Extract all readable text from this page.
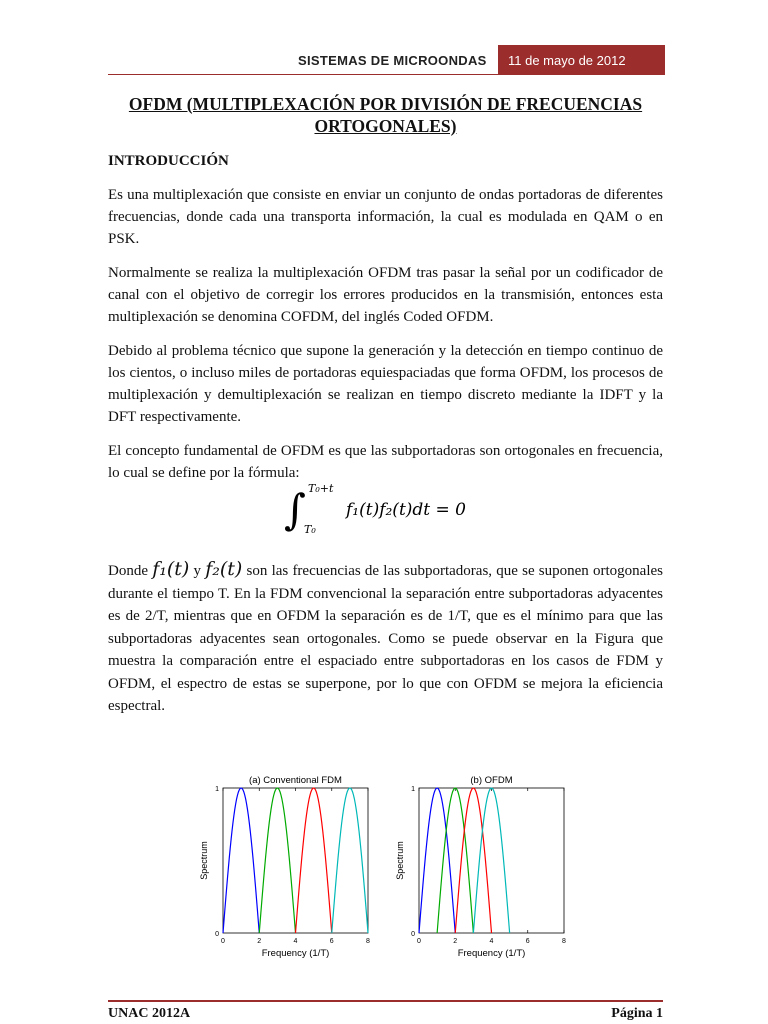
SISTEMAS DE MICROONDAS	11 de mayo de 2012
OFDM (MULTIPLEXACIÓN POR DIVISIÓN DE FRECUENCIAS ORTOGONALES)

INTRODUCCIÓN

Es una multiplexación que consiste en enviar un conjunto de ondas portadoras de diferentes frecuencias, donde cada una transporta información, la cual es modulada en QAM o en PSK.

Normalmente se realiza la multiplexación OFDM tras pasar la señal por un codificador de canal con el objetivo de corregir los errores producidos en la transmisión, entonces esta multiplexación se denomina COFDM, del inglés Coded OFDM.

Debido al problema técnico que supone la generación y la detección en tiempo continuo de los cientos, o incluso miles de portadoras equiespaciadas que forma OFDM, los procesos de multiplexación y demultiplexación se realizan en tiempo discreto mediante la IDFT y la DFT respectivamente.

El concepto fundamental de OFDM es que las subportadoras son ortogonales en frecuencia, lo cual se define por la fórmula:

∫ T₀+t
T₀
f₁(t)f₂(t)dt = 0
Donde f₁(t) y f₂(t) son las frecuencias de las subportadoras, que se suponen ortogonales durante el tiempo T. En la FDM convencional la separación entre subportadoras adyacentes es de 2/T, mientras que en OFDM la separación es de 1/T, que es el mínimo para que las subportadoras adyacentes sean ortogonales. Como se puede observar en la Figura que muestra la comparación entre el espaciado entre subportadoras en los casos de FDM y OFDM, el espectro de estas se superpone, por lo que con OFDM se mejora la eficiencia espectral.
(a) Conventional FDM
Frequency (1/T)
Spectrum
0	2	4	6	8
0
1
(b) OFDM
Frequency (1/T)
Spectrum
0	2	4	6	8
0
1
UNAC 2012A	Página 1
